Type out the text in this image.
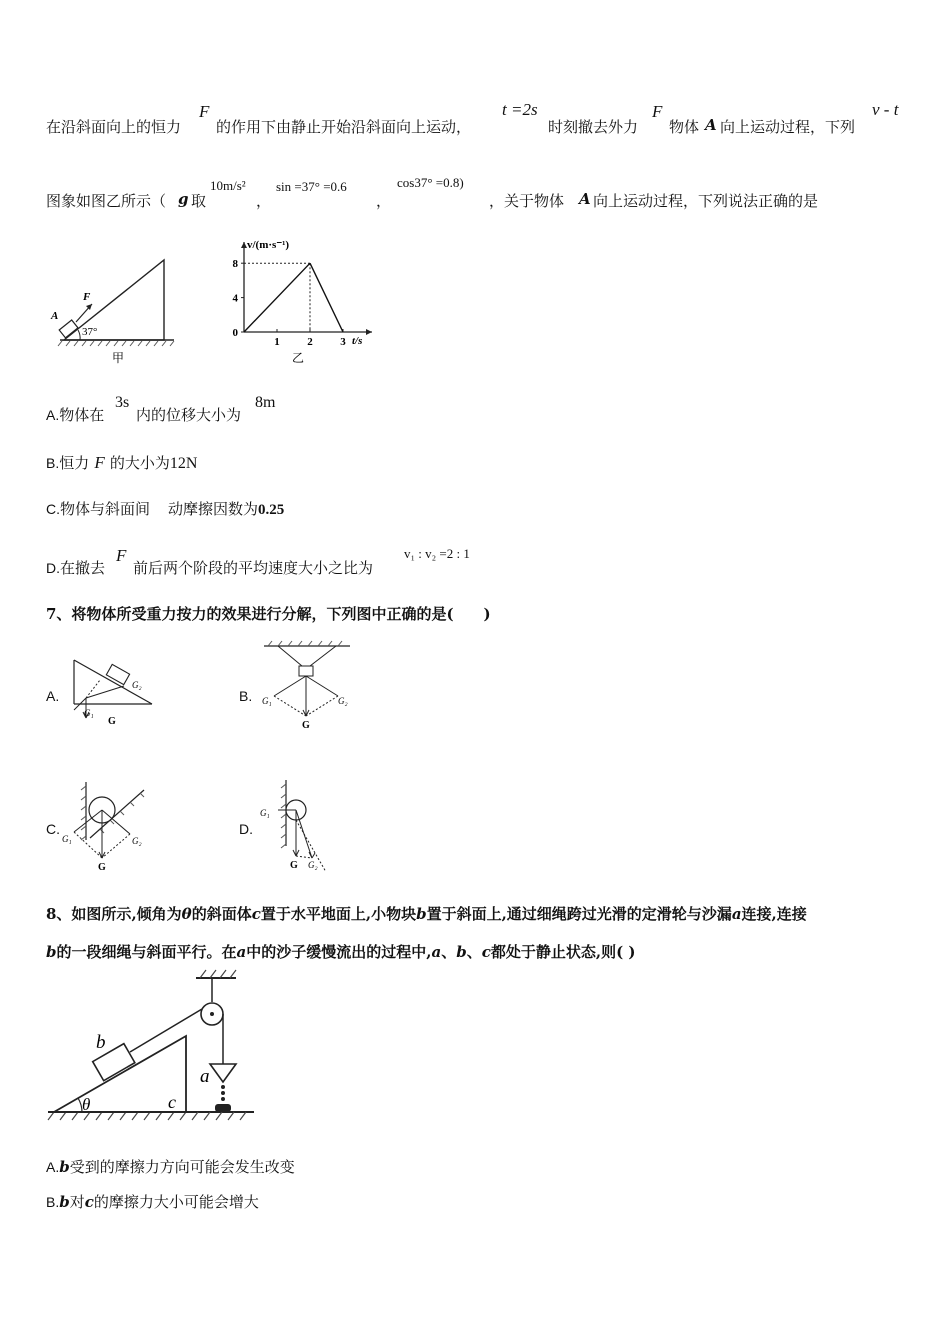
在沿斜面向上的恒力
F
的作用下由静止开始沿斜面向上运动，
t =2s
时刻撤去外力
F
物体 A 向上运动过程，下列
v - t
图象如图乙所示（ g 取
10m/s²
，
sin =37° =0.6
，
cos37° =0.8)
，关于物体 A 向上运动过程，下列说法正确的是
A
F
37°
甲
0
4
8
1	2	3
v/(m·s⁻¹)
t/s
乙
A.物体在
3s
内的位移大小为
8m
B.恒力 F 的大小为12N
C.物体与斜面间 动摩擦因数为0.25
D.在撤去
F
前后两个阶段的平均速度大小之比为
v₁ : v₂ =2 : 1
7、将物体所受重力按力的效果进行分解，下列图中正确的是(　　)
A.
G
G₁
G₂
B.
G
G₁	G₂
C.
G
G₁	G₂
D.
G
G₁
G₂
8、如图所示,倾角为θ的斜面体c置于水平地面上,小物块b置于斜面上,通过细绳跨过光滑的定滑轮与沙漏a连接,连接
b的一段细绳与斜面平行。在a中的沙子缓慢流出的过程中,a、b、c都处于静止状态,则( )
b
a
c
θ
A.b受到的摩擦力方向可能会发生改变
B.b对c的摩擦力大小可能会增大
